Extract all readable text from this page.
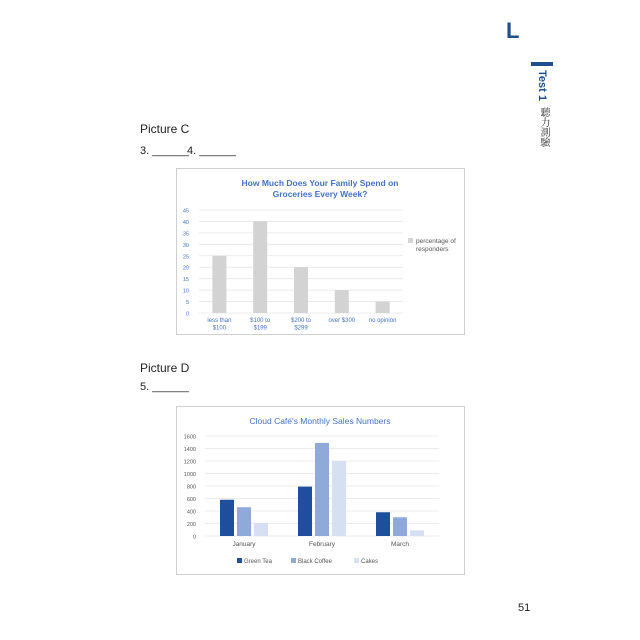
L
Test 1
聽力測驗
Picture C
3. ______
4. ______
How Much Does Your Family Spend on
Groceries Every Week?
0
5
10
15
20
25
30
35
40
45
less than
$100
$100 to
$199
$200 to
$299
over $300 no opinion
percentage of
responders
Picture D
5. ______
Cloud Café's Monthly Sales Numbers
0
200
400
600
800
1000
1200
1400
1600
January	February	March
Green Tea	Black Coffee	Cakes
51
